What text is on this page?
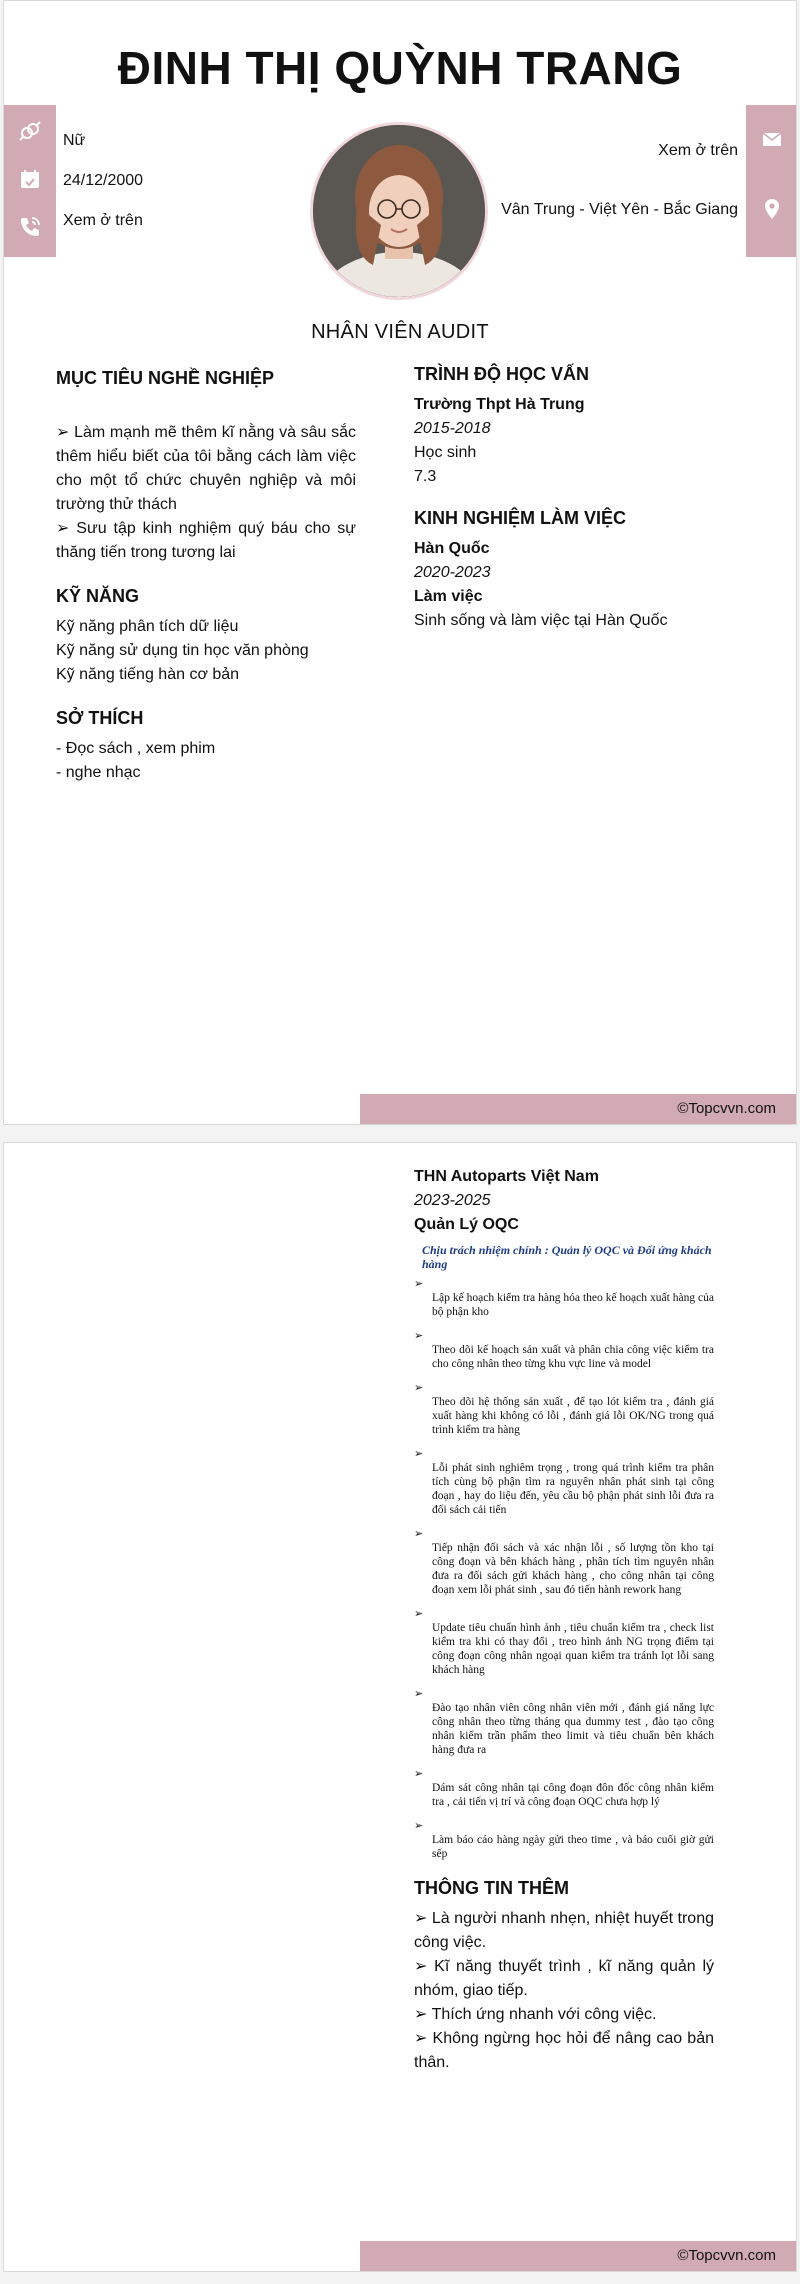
ĐINH THỊ QUỲNH TRANG
Nữ
24/12/2000
Xem ở trên
Xem ở trên
Vân Trung - Việt Yên - Bắc Giang
NHÂN VIÊN AUDIT
MỤC TIÊU NGHỀ NGHIỆP

➢ Làm mạnh mẽ thêm kĩ nằng và sâu sắc thêm hiểu biết của tôi bằng cách làm việc cho một tổ chức chuyên nghiệp và môi trường thử thách

➢ Sưu tập kinh nghiệm quý báu cho sự thăng tiến trong tương lai

KỸ NĂNG

Kỹ năng phân tích dữ liệu

Kỹ năng sử dụng tin học văn phòng

Kỹ năng tiếng hàn cơ bản

SỞ THÍCH

- Đọc sách , xem phim

- nghe nhạc

TRÌNH ĐỘ HỌC VẤN

Trường Thpt Hà Trung

2015-2018

Học sinh

7.3

KINH NGHIỆM LÀM VIỆC

Hàn Quốc

2020-2023

Làm việc

Sinh sống và làm việc tại Hàn Quốc

©Topcvvn.com

THN Autoparts Việt Nam

2023-2025

Quản Lý OQC

Chịu trách nhiệm chính : Quản lý OQC và Đối ứng khách hàng

➢

Lập kế hoạch kiểm tra hàng hóa theo kế hoạch xuất hàng của bộ phận kho

➢

Theo dõi kế hoạch sản xuất và phân chia công việc kiểm tra cho công nhân theo từng khu vực line và model

➢

Theo dõi hệ thống sản xuất , để tạo lót kiểm tra , đánh giá xuất hàng khi không có lỗi , đánh giá lỗi OK/NG trong quá trình kiểm tra hàng

➢

Lỗi phát sinh nghiêm trọng , trong quá trình kiểm tra phân tích cùng bộ phận tìm ra nguyên nhân phát sinh tại công đoạn , hay do liệu đến, yêu cầu bộ phận phát sinh lỗi đưa ra đối sách cải tiến

➢

Tiếp nhận đối sách và xác nhận lỗi , số lượng tồn kho tại công đoạn và bên khách hàng , phân tích tìm nguyên nhân đưa ra đối sách gửi khách hàng , cho công nhân tại công đoạn xem lỗi phát sinh , sau đó tiến hành rework hang

➢

Update tiêu chuẩn hình ảnh , tiêu chuẩn kiểm tra , check list kiểm tra khi có thay đổi , treo hình ảnh NG trọng điểm tại công đoạn công nhân ngoại quan kiểm tra tránh lọt lỗi sang khách hàng

➢

Đào tạo nhân viên công nhân viên mới , đánh giá năng lực công nhân theo từng tháng qua dummy test , đào tạo công nhân kiểm trần phẩm theo limit và tiêu chuẩn bên khách hàng đưa ra

➢

Dám sát công nhân tại công đoạn đôn đốc công nhân kiểm tra , cải tiến vị trí và công đoạn OQC chưa hợp lý

➢

Làm báo cáo hàng ngày gửi theo time , và báo cuối giờ gửi sếp

THÔNG TIN THÊM

➢ Là người nhanh nhẹn, nhiệt huyết trong công việc.

➢ Kĩ năng thuyết trình , kĩ năng quản lý nhóm, giao tiếp.

➢ Thích ứng nhanh với công việc.

➢ Không ngừng học hỏi để nâng cao bản thân.

©Topcvvn.com
